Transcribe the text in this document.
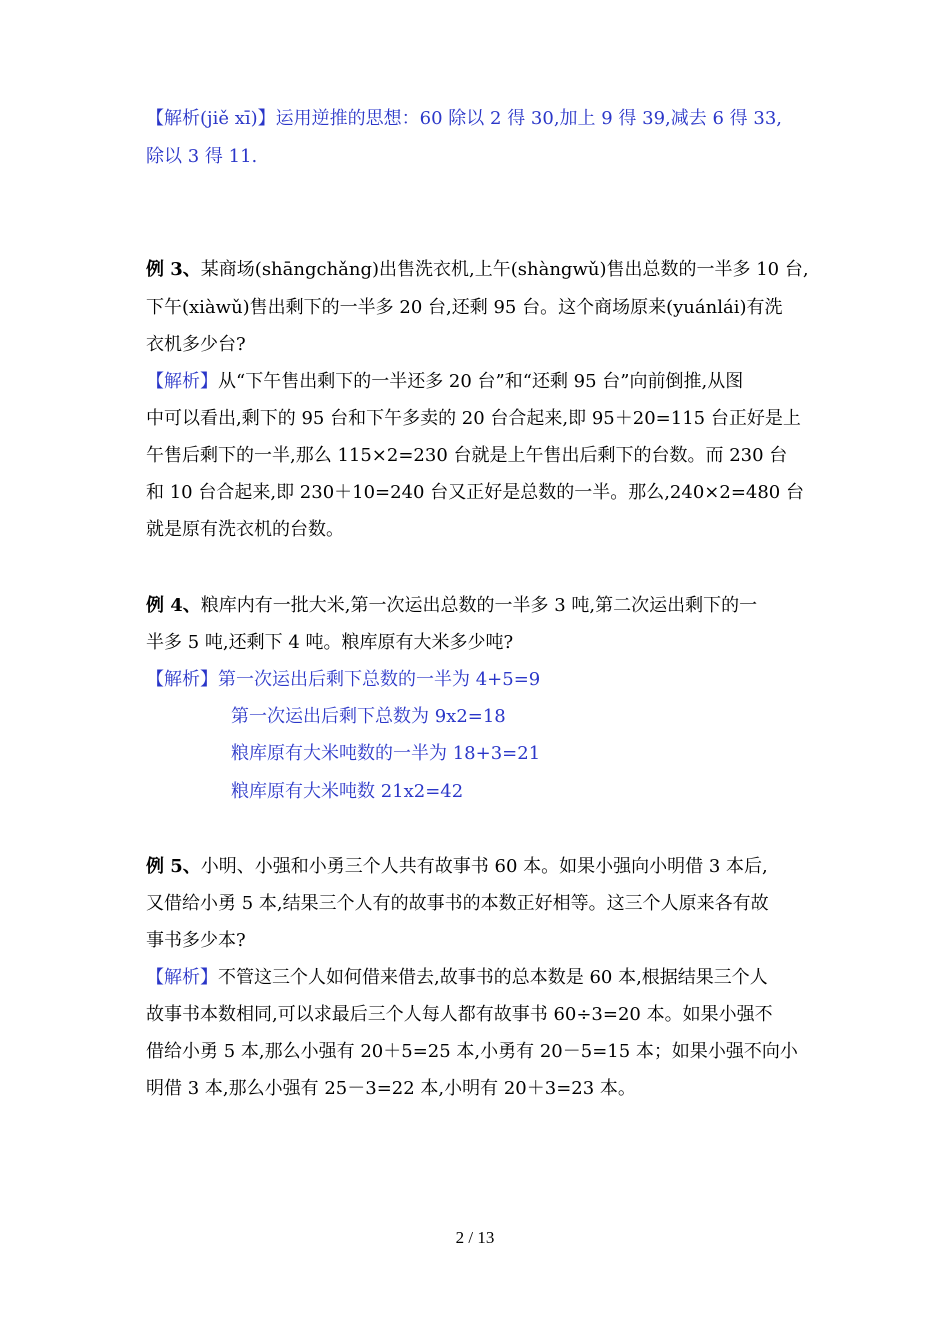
【解析(jiě xī)】运用逆推的思想：60 除以 2 得 30,加上 9 得 39,减去 6 得 33,
除以 3 得 11.
例 3、某商场(shāngchǎng)出售洗衣机,上午(shàngwǔ)售出总数的一半多 10 台,
下午(xiàwǔ)售出剩下的一半多 20 台,还剩 95 台。这个商场原来(yuánlái)有洗
衣机多少台?
【解析】从“下午售出剩下的一半还多 20 台”和“还剩 95 台”向前倒推,从图
中可以看出,剩下的 95 台和下午多卖的 20 台合起来,即 95＋20=115 台正好是上
午售后剩下的一半,那么 115×2=230 台就是上午售出后剩下的台数。而 230 台
和 10 台合起来,即 230＋10=240 台又正好是总数的一半。那么,240×2=480 台
就是原有洗衣机的台数。
例 4、粮库内有一批大米,第一次运出总数的一半多 3 吨,第二次运出剩下的一
半多 5 吨,还剩下 4 吨。粮库原有大米多少吨?
【解析】第一次运出后剩下总数的一半为 4+5=9
第一次运出后剩下总数为 9x2=18
粮库原有大米吨数的一半为 18+3=21
粮库原有大米吨数 21x2=42
例 5、小明、小强和小勇三个人共有故事书 60 本。如果小强向小明借 3 本后,
又借给小勇 5 本,结果三个人有的故事书的本数正好相等。这三个人原来各有故
事书多少本?
【解析】不管这三个人如何借来借去,故事书的总本数是 60 本,根据结果三个人
故事书本数相同,可以求最后三个人每人都有故事书 60÷3=20 本。如果小强不
借给小勇 5 本,那么小强有 20＋5=25 本,小勇有 20－5=15 本；如果小强不向小
明借 3 本,那么小强有 25－3=22 本,小明有 20＋3=23 本。
2 / 13
